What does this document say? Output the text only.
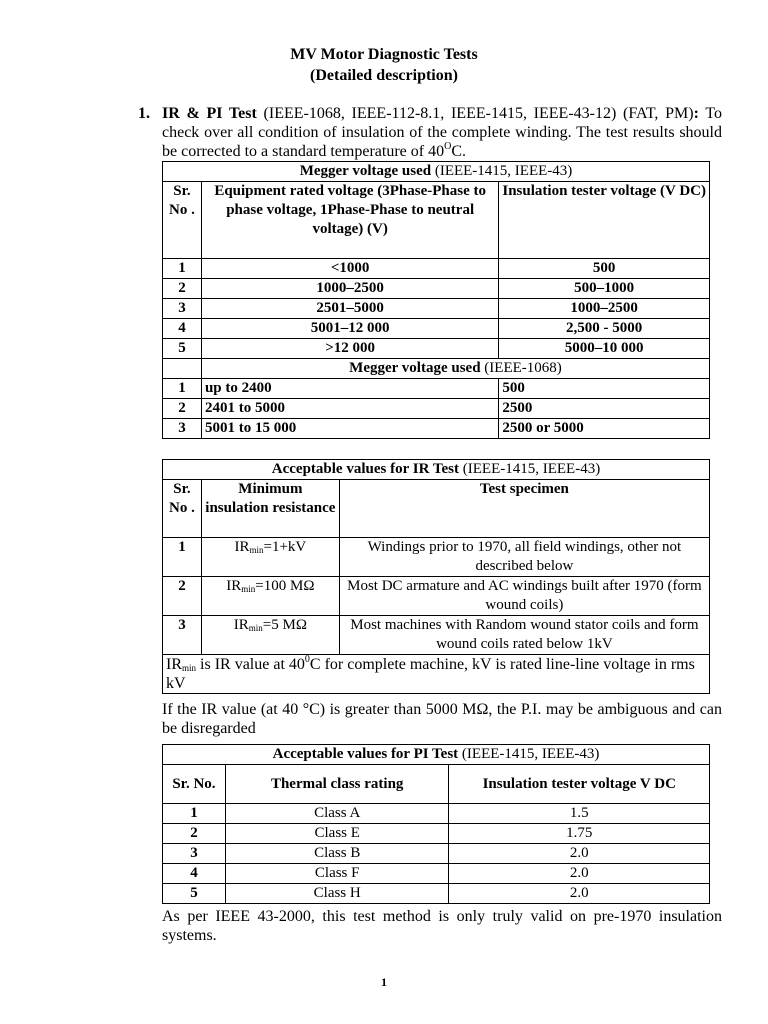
MV Motor Diagnostic Tests
(Detailed description)
1. IR & PI Test (IEEE-1068, IEEE-112-8.1, IEEE-1415, IEEE-43-12) (FAT, PM): To check over all condition of insulation of the complete winding. The test results should be corrected to a standard temperature of $40^OC$.
Megger voltage used (IEEE-1415, IEEE-43)		
Sr. No .	Equipment rated voltage (3Phase-Phase to phase voltage, 1Phase-Phase to neutral voltage) (V)	Insulation tester voltage (V DC)
1	<1000	500
2	1000–2500	500–1000
3	2501–5000	1000–2500
4	5001–12 000	2,500 - 5000
5	>12 000	5000–10 000
	Megger voltage used (IEEE-1068)	
1	up to 2400	500
2	2401 to 5000	2500
3	5001 to 15 000	2500 or 5000
Acceptable values for IR Test (IEEE-1415, IEEE-43)		
Sr. No .	Minimum insulation resistance	Test specimen
1	$IR_{min}=1+kV$	Windings prior to 1970, all field windings, other not described below
2	$IR_{min}=100$ MΩ	Most DC armature and AC windings built after 1970 (form wound coils)
3	$IR_{min}=5$ MΩ	Most machines with Random wound stator coils and form wound coils rated below 1kV
$IR_{min}$ is IR value at $40^0C$ for complete machine, kV is rated line-line voltage in rms kV		
If the IR value (at 40 °C) is greater than 5000 MΩ, the P.I. may be ambiguous and can be disregarded
Acceptable values for PI Test (IEEE-1415, IEEE-43)		
Sr. No.	Thermal class rating	Insulation tester voltage V DC
1	Class A	1.5
2	Class E	1.75
3	Class B	2.0
4	Class F	2.0
5	Class H	2.0
As per IEEE 43-2000, this test method is only truly valid on pre-1970 insulation systems.
1
